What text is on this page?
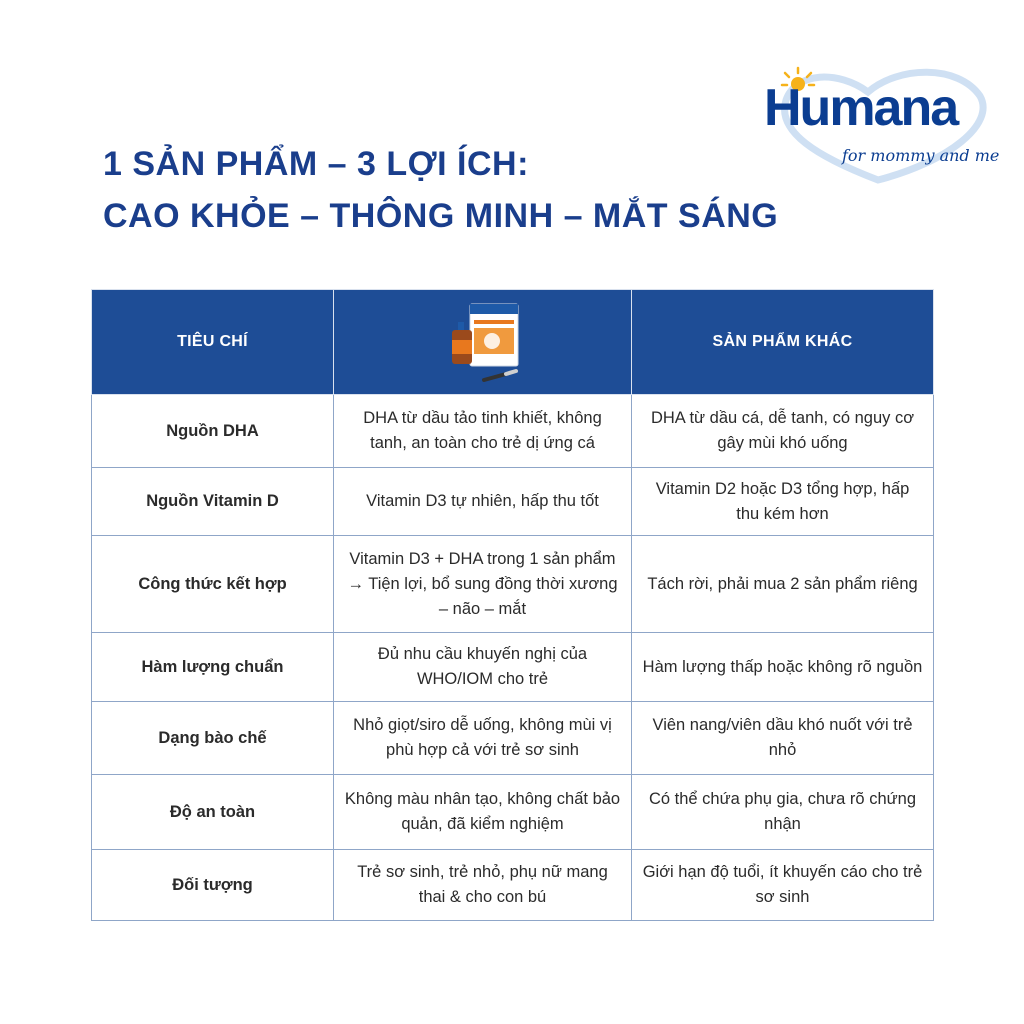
Humana
for mommy and me
1 SẢN PHẨM – 3 LỢI ÍCH:
CAO KHỎE – THÔNG MINH – MẮT SÁNG
TIÊU CHÍ		SẢN PHẨM KHÁC
Nguồn DHA	DHA từ dầu tảo tinh khiết, không tanh, an toàn cho trẻ dị ứng cá	DHA từ dầu cá, dễ tanh, có nguy cơ gây mùi khó uống
Nguồn Vitamin D	Vitamin D3 tự nhiên, hấp thu tốt	Vitamin D2 hoặc D3 tổng hợp, hấp thu kém hơn
Công thức kết hợp	Vitamin D3 + DHA trong 1 sản phẩm → Tiện lợi, bổ sung đồng thời xương – não – mắt	Tách rời, phải mua 2 sản phẩm riêng
Hàm lượng chuẩn	Đủ nhu cầu khuyến nghị của WHO/IOM cho trẻ	Hàm lượng thấp hoặc không rõ nguồn
Dạng bào chế	Nhỏ giọt/siro dễ uống, không mùi vị phù hợp cả với trẻ sơ sinh	Viên nang/viên dầu khó nuốt với trẻ nhỏ
Độ an toàn	Không màu nhân tạo, không chất bảo quản, đã kiểm nghiệm	Có thể chứa phụ gia, chưa rõ chứng nhận
Đối tượng	Trẻ sơ sinh, trẻ nhỏ, phụ nữ mang thai & cho con bú	Giới hạn độ tuổi, ít khuyến cáo cho trẻ sơ sinh
